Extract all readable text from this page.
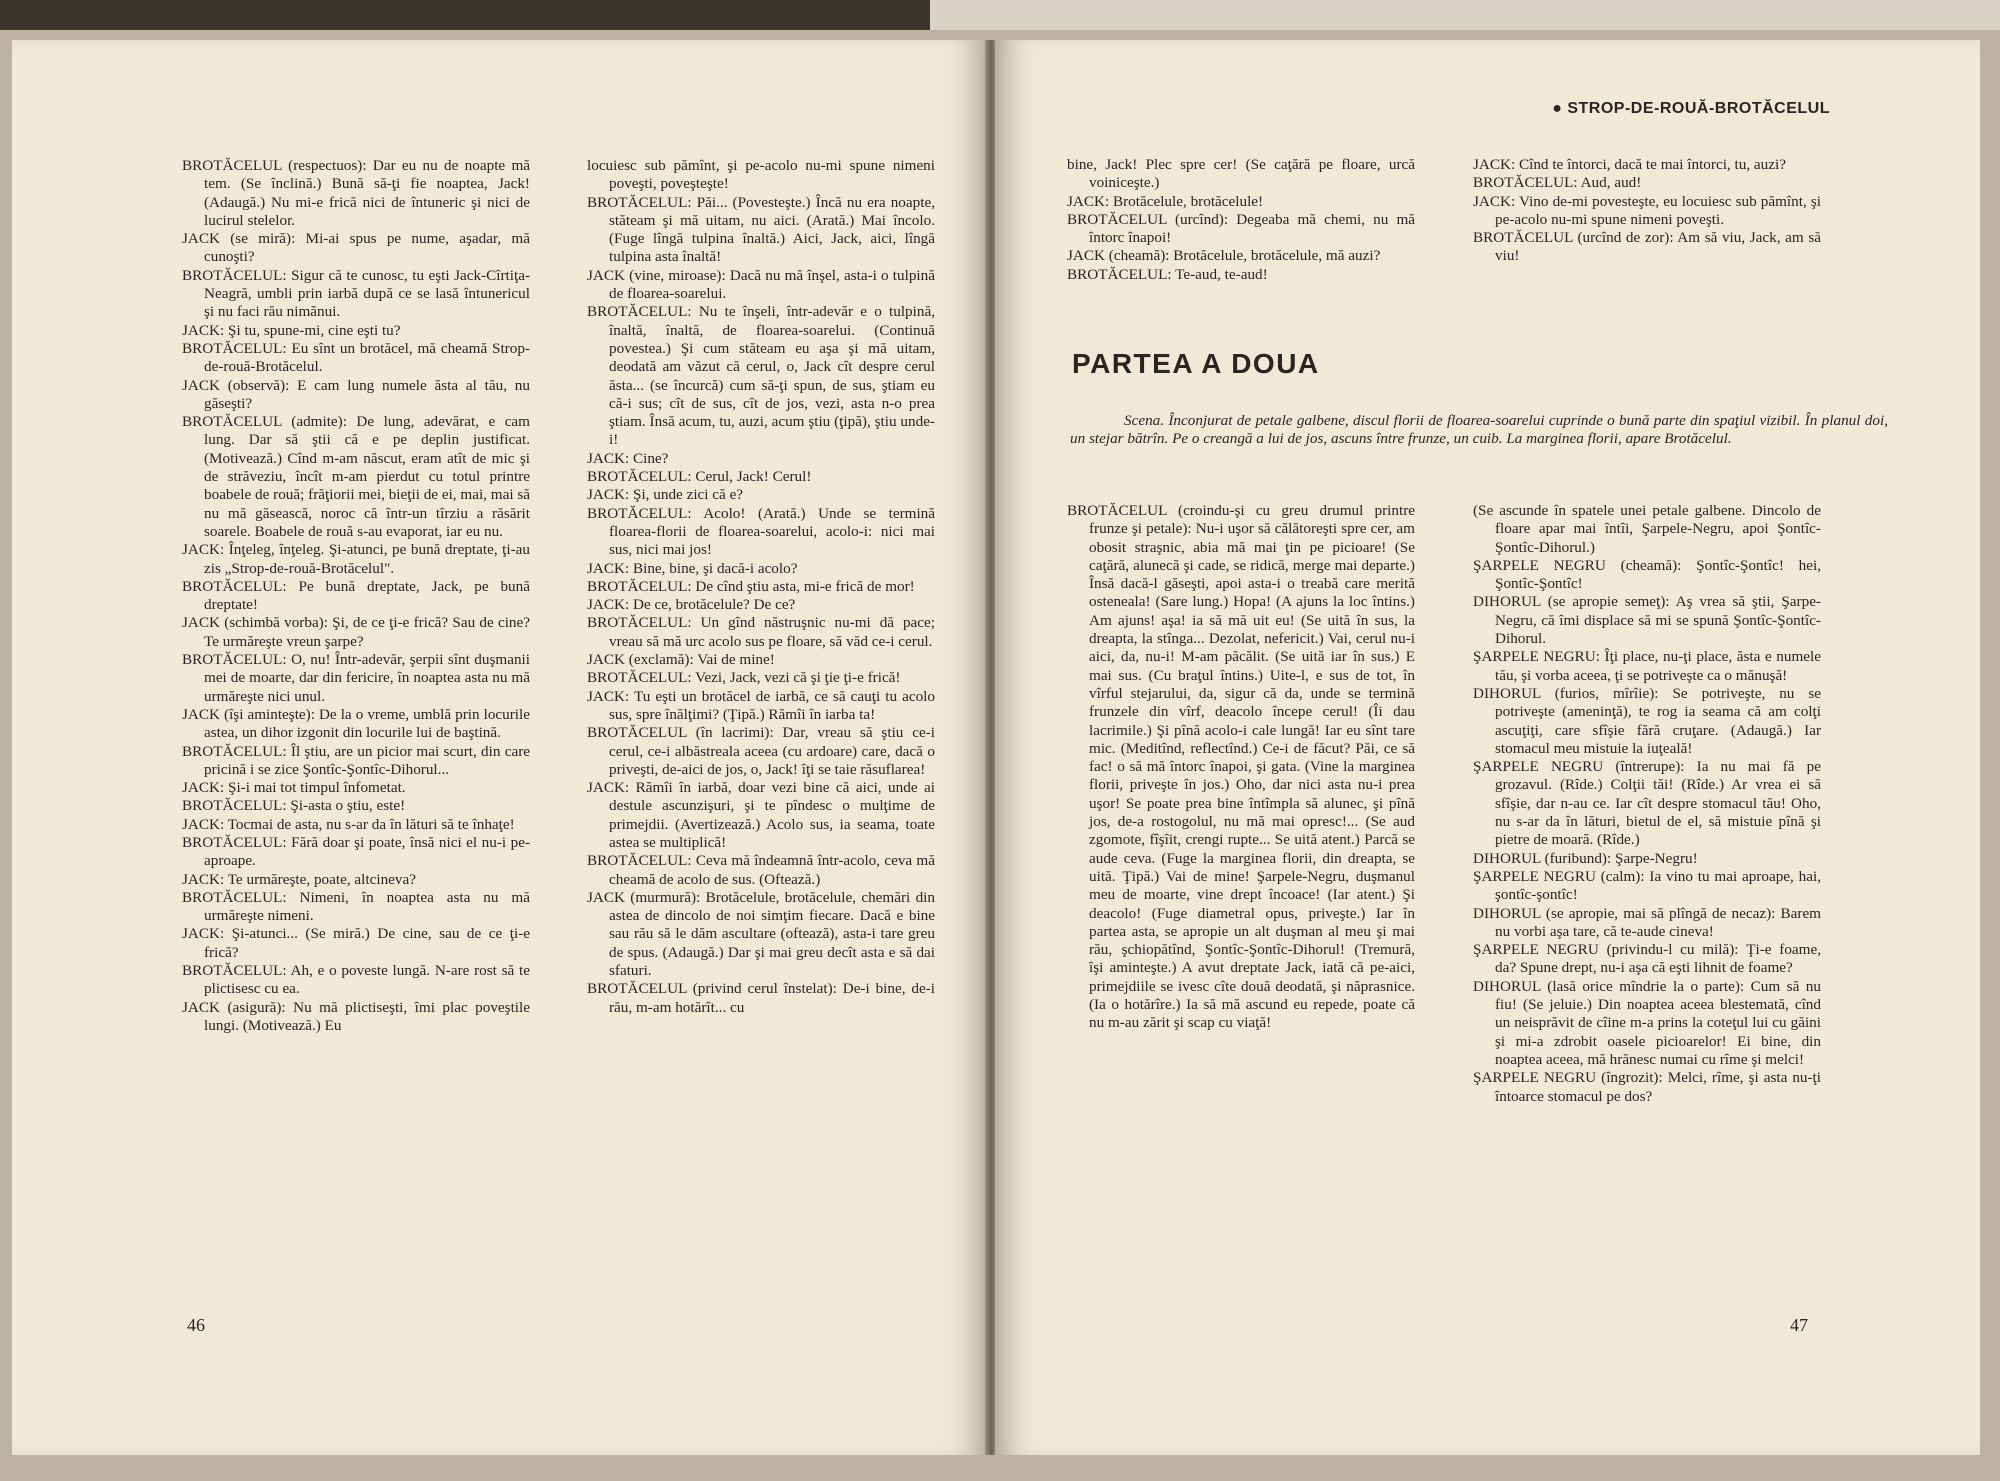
BROTĂCELUL (respectuos): Dar eu nu de noapte mă tem. (Se înclină.) Bună să-ţi fie noaptea, Jack! (Adaugă.) Nu mi-e frică nici de întuneric şi nici de lucirul stelelor.

JACK (se miră): Mi-ai spus pe nume, aşadar, mă cunoşti?

BROTĂCELUL: Sigur că te cunosc, tu eşti Jack-Cîrtiţa-Neagră, umbli prin iarbă după ce se lasă întunericul şi nu faci rău nimănui.

JACK: Şi tu, spune-mi, cine eşti tu?

BROTĂCELUL: Eu sînt un brotăcel, mă cheamă Strop-de-rouă-Brotăcelul.

JACK (observă): E cam lung numele ăsta al tău, nu găseşti?

BROTĂCELUL (admite): De lung, adevărat, e cam lung. Dar să ştii că e pe deplin justificat. (Motivează.) Cînd m-am născut, eram atît de mic şi de străveziu, încît m-am pierdut cu totul printre boabele de rouă; frăţiorii mei, bieţii de ei, mai, mai să nu mă găsească, noroc că într-un tîrziu a răsărit soarele. Boabele de rouă s-au evaporat, iar eu nu.

JACK: Înţeleg, înţeleg. Şi-atunci, pe bună dreptate, ţi-au zis „Strop-de-rouă-Brotăcelul".

BROTĂCELUL: Pe bună dreptate, Jack, pe bună dreptate!

JACK (schimbă vorba): Şi, de ce ţi-e frică? Sau de cine? Te urmăreşte vreun şarpe?

BROTĂCELUL: O, nu! Într-adevăr, şerpii sînt duşmanii mei de moarte, dar din fericire, în noaptea asta nu mă urmăreşte nici unul.

JACK (îşi aminteşte): De la o vreme, umblă prin locurile astea, un dihor izgonit din locurile lui de baştină.

BROTĂCELUL: Îl ştiu, are un picior mai scurt, din care pricină i se zice Şontîc-Şontîc-Dihorul...

JACK: Şi-i mai tot timpul înfometat.

BROTĂCELUL: Şi-asta o ştiu, este!

JACK: Tocmai de asta, nu s-ar da în lături să te înhaţe!

BROTĂCELUL: Fără doar şi poate, însă nici el nu-i pe-aproape.

JACK: Te urmăreşte, poate, altcineva?

BROTĂCELUL: Nimeni, în noaptea asta nu mă urmăreşte nimeni.

JACK: Şi-atunci... (Se miră.) De cine, sau de ce ţi-e frică?

BROTĂCELUL: Ah, e o poveste lungă. N-are rost să te plictisesc cu ea.

JACK (asigură): Nu mă plictiseşti, îmi plac poveştile lungi. (Motivează.) Eu

locuiesc sub pămînt, şi pe-acolo nu-mi spune nimeni poveşti, poveşteşte!

BROTĂCELUL: Păi... (Povesteşte.) Încă nu era noapte, stăteam şi mă uitam, nu aici. (Arată.) Mai încolo. (Fuge lîngă tulpina înaltă.) Aici, Jack, aici, lîngă tulpina asta înaltă!

JACK (vine, miroase): Dacă nu mă înşel, asta-i o tulpină de floarea-soarelui.

BROTĂCELUL: Nu te înşeli, într-adevăr e o tulpină, înaltă, înaltă, de floarea-soarelui. (Continuă povestea.) Şi cum stăteam eu aşa şi mă uitam, deodată am văzut că cerul, o, Jack cît despre cerul ăsta... (se încurcă) cum să-ţi spun, de sus, ştiam eu că-i sus; cît de sus, cît de jos, vezi, asta n-o prea ştiam. Însă acum, tu, auzi, acum ştiu (ţipă), ştiu unde-i!

JACK: Cine?

BROTĂCELUL: Cerul, Jack! Cerul!

JACK: Şi, unde zici că e?

BROTĂCELUL: Acolo! (Arată.) Unde se termină floarea-florii de floarea-soarelui, acolo-i: nici mai sus, nici mai jos!

JACK: Bine, bine, şi dacă-i acolo?

BROTĂCELUL: De cînd ştiu asta, mi-e frică de mor!

JACK: De ce, brotăcelule? De ce?

BROTĂCELUL: Un gînd năstruşnic nu-mi dă pace; vreau să mă urc acolo sus pe floare, să văd ce-i cerul.

JACK (exclamă): Vai de mine!

BROTĂCELUL: Vezi, Jack, vezi că şi ţie ţi-e frică!

JACK: Tu eşti un brotăcel de iarbă, ce să cauţi tu acolo sus, spre înălţimi? (Ţipă.) Rămîi în iarba ta!

BROTĂCELUL (în lacrimi): Dar, vreau să ştiu ce-i cerul, ce-i albăstreala aceea (cu ardoare) care, dacă o priveşti, de-aici de jos, o, Jack! îţi se taie răsuflarea!

JACK: Rămîi în iarbă, doar vezi bine că aici, unde ai destule ascunzişuri, şi te pîndesc o mulţime de primejdii. (Avertizează.) Acolo sus, ia seama, toate astea se multiplică!

BROTĂCELUL: Ceva mă îndeamnă într-acolo, ceva mă cheamă de acolo de sus. (Oftează.)

JACK (murmură): Brotăcelule, brotăcelule, chemări din astea de dincolo de noi simţim fiecare. Dacă e bine sau rău să le dăm ascultare (oftează), asta-i tare greu de spus. (Adaugă.) Dar şi mai greu decît asta e să dai sfaturi.

BROTĂCELUL (privind cerul înstelat): De-i bine, de-i rău, m-am hotărît... cu

46

bine, Jack! Plec spre cer! (Se caţără pe floare, urcă voiniceşte.)

JACK: Brotăcelule, brotăcelule!

BROTĂCELUL (urcînd): Degeaba mă chemi, nu mă întorc înapoi!

JACK (cheamă): Brotăcelule, brotăcelule, mă auzi?

BROTĂCELUL: Te-aud, te-aud!

JACK: Cînd te întorci, dacă te mai întorci, tu, auzi?

BROTĂCELUL: Aud, aud!

JACK: Vino de-mi povesteşte, eu locuiesc sub pămînt, şi pe-acolo nu-mi spune nimeni poveşti.

BROTĂCELUL (urcînd de zor): Am să viu, Jack, am să viu!

BROTĂCELUL (croindu-şi cu greu drumul printre frunze şi petale): Nu-i uşor să călătoreşti spre cer, am obosit straşnic, abia mă mai ţin pe picioare! (Se caţără, alunecă şi cade, se ridică, merge mai departe.) Însă dacă-l găseşti, apoi asta-i o treabă care merită osteneala! (Sare lung.) Hopa! (A ajuns la loc întins.) Am ajuns! aşa! ia să mă uit eu! (Se uită în sus, la dreapta, la stînga... Dezolat, nefericit.) Vai, cerul nu-i aici, da, nu-i! M-am păcălit. (Se uită iar în sus.) E mai sus. (Cu braţul întins.) Uite-l, e sus de tot, în vîrful stejarului, da, sigur că da, unde se termină frunzele din vîrf, deacolo începe cerul! (Îi dau lacrimile.) Şi pînă acolo-i cale lungă! Iar eu sînt tare mic. (Meditînd, reflectînd.) Ce-i de făcut? Păi, ce să fac! o să mă întorc înapoi, şi gata. (Vine la marginea florii, priveşte în jos.) Oho, dar nici asta nu-i prea uşor! Se poate prea bine întîmpla să alunec, şi pînă jos, de-a rostogolul, nu mă mai opresc!... (Se aud zgomote, fîşîit, crengi rupte... Se uită atent.) Parcă se aude ceva. (Fuge la marginea florii, din dreapta, se uită. Ţipă.) Vai de mine! Şarpele-Negru, duşmanul meu de moarte, vine drept încoace! (Iar atent.) Şi deacolo! (Fuge diametral opus, priveşte.) Iar în partea asta, se apropie un alt duşman al meu şi mai rău, şchiopătînd, Şontîc-Şontîc-Dihorul! (Tremură, îşi aminteşte.) A avut dreptate Jack, iată că pe-aici, primejdiile se ivesc cîte două deodată, şi năprasnice. (Ia o hotărîre.) Ia să mă ascund eu repede, poate că nu m-au zărit şi scap cu viaţă!

(Se ascunde în spatele unei petale galbene. Dincolo de floare apar mai întîi, Şarpele-Negru, apoi Şontîc-Şontîc-Dihorul.)

ŞARPELE NEGRU (cheamă): Şontîc-Şontîc! hei, Şontîc-Şontîc!

DIHORUL (se apropie semeţ): Aş vrea să ştii, Şarpe-Negru, că îmi displace să mi se spună Şontîc-Şontîc-Dihorul.

ŞARPELE NEGRU: Îţi place, nu-ţi place, ăsta e numele tău, şi vorba aceea, ţi se potriveşte ca o mănuşă!

DIHORUL (furios, mîrîie): Se potriveşte, nu se potriveşte (ameninţă), te rog ia seama că am colţi ascuţiţi, care sfîşie fără cruţare. (Adaugă.) Iar stomacul meu mistuie la iuţeală!

ŞARPELE NEGRU (întrerupe): Ia nu mai fă pe grozavul. (Rîde.) Colţii tăi! (Rîde.) Ar vrea ei să sfîşie, dar n-au ce. Iar cît despre stomacul tău! Oho, nu s-ar da în lături, bietul de el, să mistuie pînă şi pietre de moară. (Rîde.)

DIHORUL (furibund): Şarpe-Negru!

ŞARPELE NEGRU (calm): Ia vino tu mai aproape, hai, şontîc-şontîc!

DIHORUL (se apropie, mai să plîngă de necaz): Barem nu vorbi aşa tare, că te-aude cineva!

ŞARPELE NEGRU (privindu-l cu milă): Ţi-e foame, da? Spune drept, nu-i aşa că eşti lihnit de foame?

DIHORUL (lasă orice mîndrie la o parte): Cum să nu fiu! (Se jeluie.) Din noaptea aceea blestemată, cînd un neisprăvit de cîine m-a prins la coteţul lui cu găini şi mi-a zdrobit oasele picioarelor! Ei bine, din noaptea aceea, mă hrănesc numai cu rîme şi melci!

ŞARPELE NEGRU (îngrozit): Melci, rîme, şi asta nu-ţi întoarce stomacul pe dos?

47
● STROP-DE-ROUĂ-BROTĂCELUL
PARTEA A DOUA
Scena. Înconjurat de petale galbene, discul florii de floarea-soarelui cuprinde o bună parte din spaţiul vizibil. În planul doi, un stejar bătrîn. Pe o creangă a lui de jos, ascuns între frunze, un cuib. La marginea florii, apare Brotăcelul.
